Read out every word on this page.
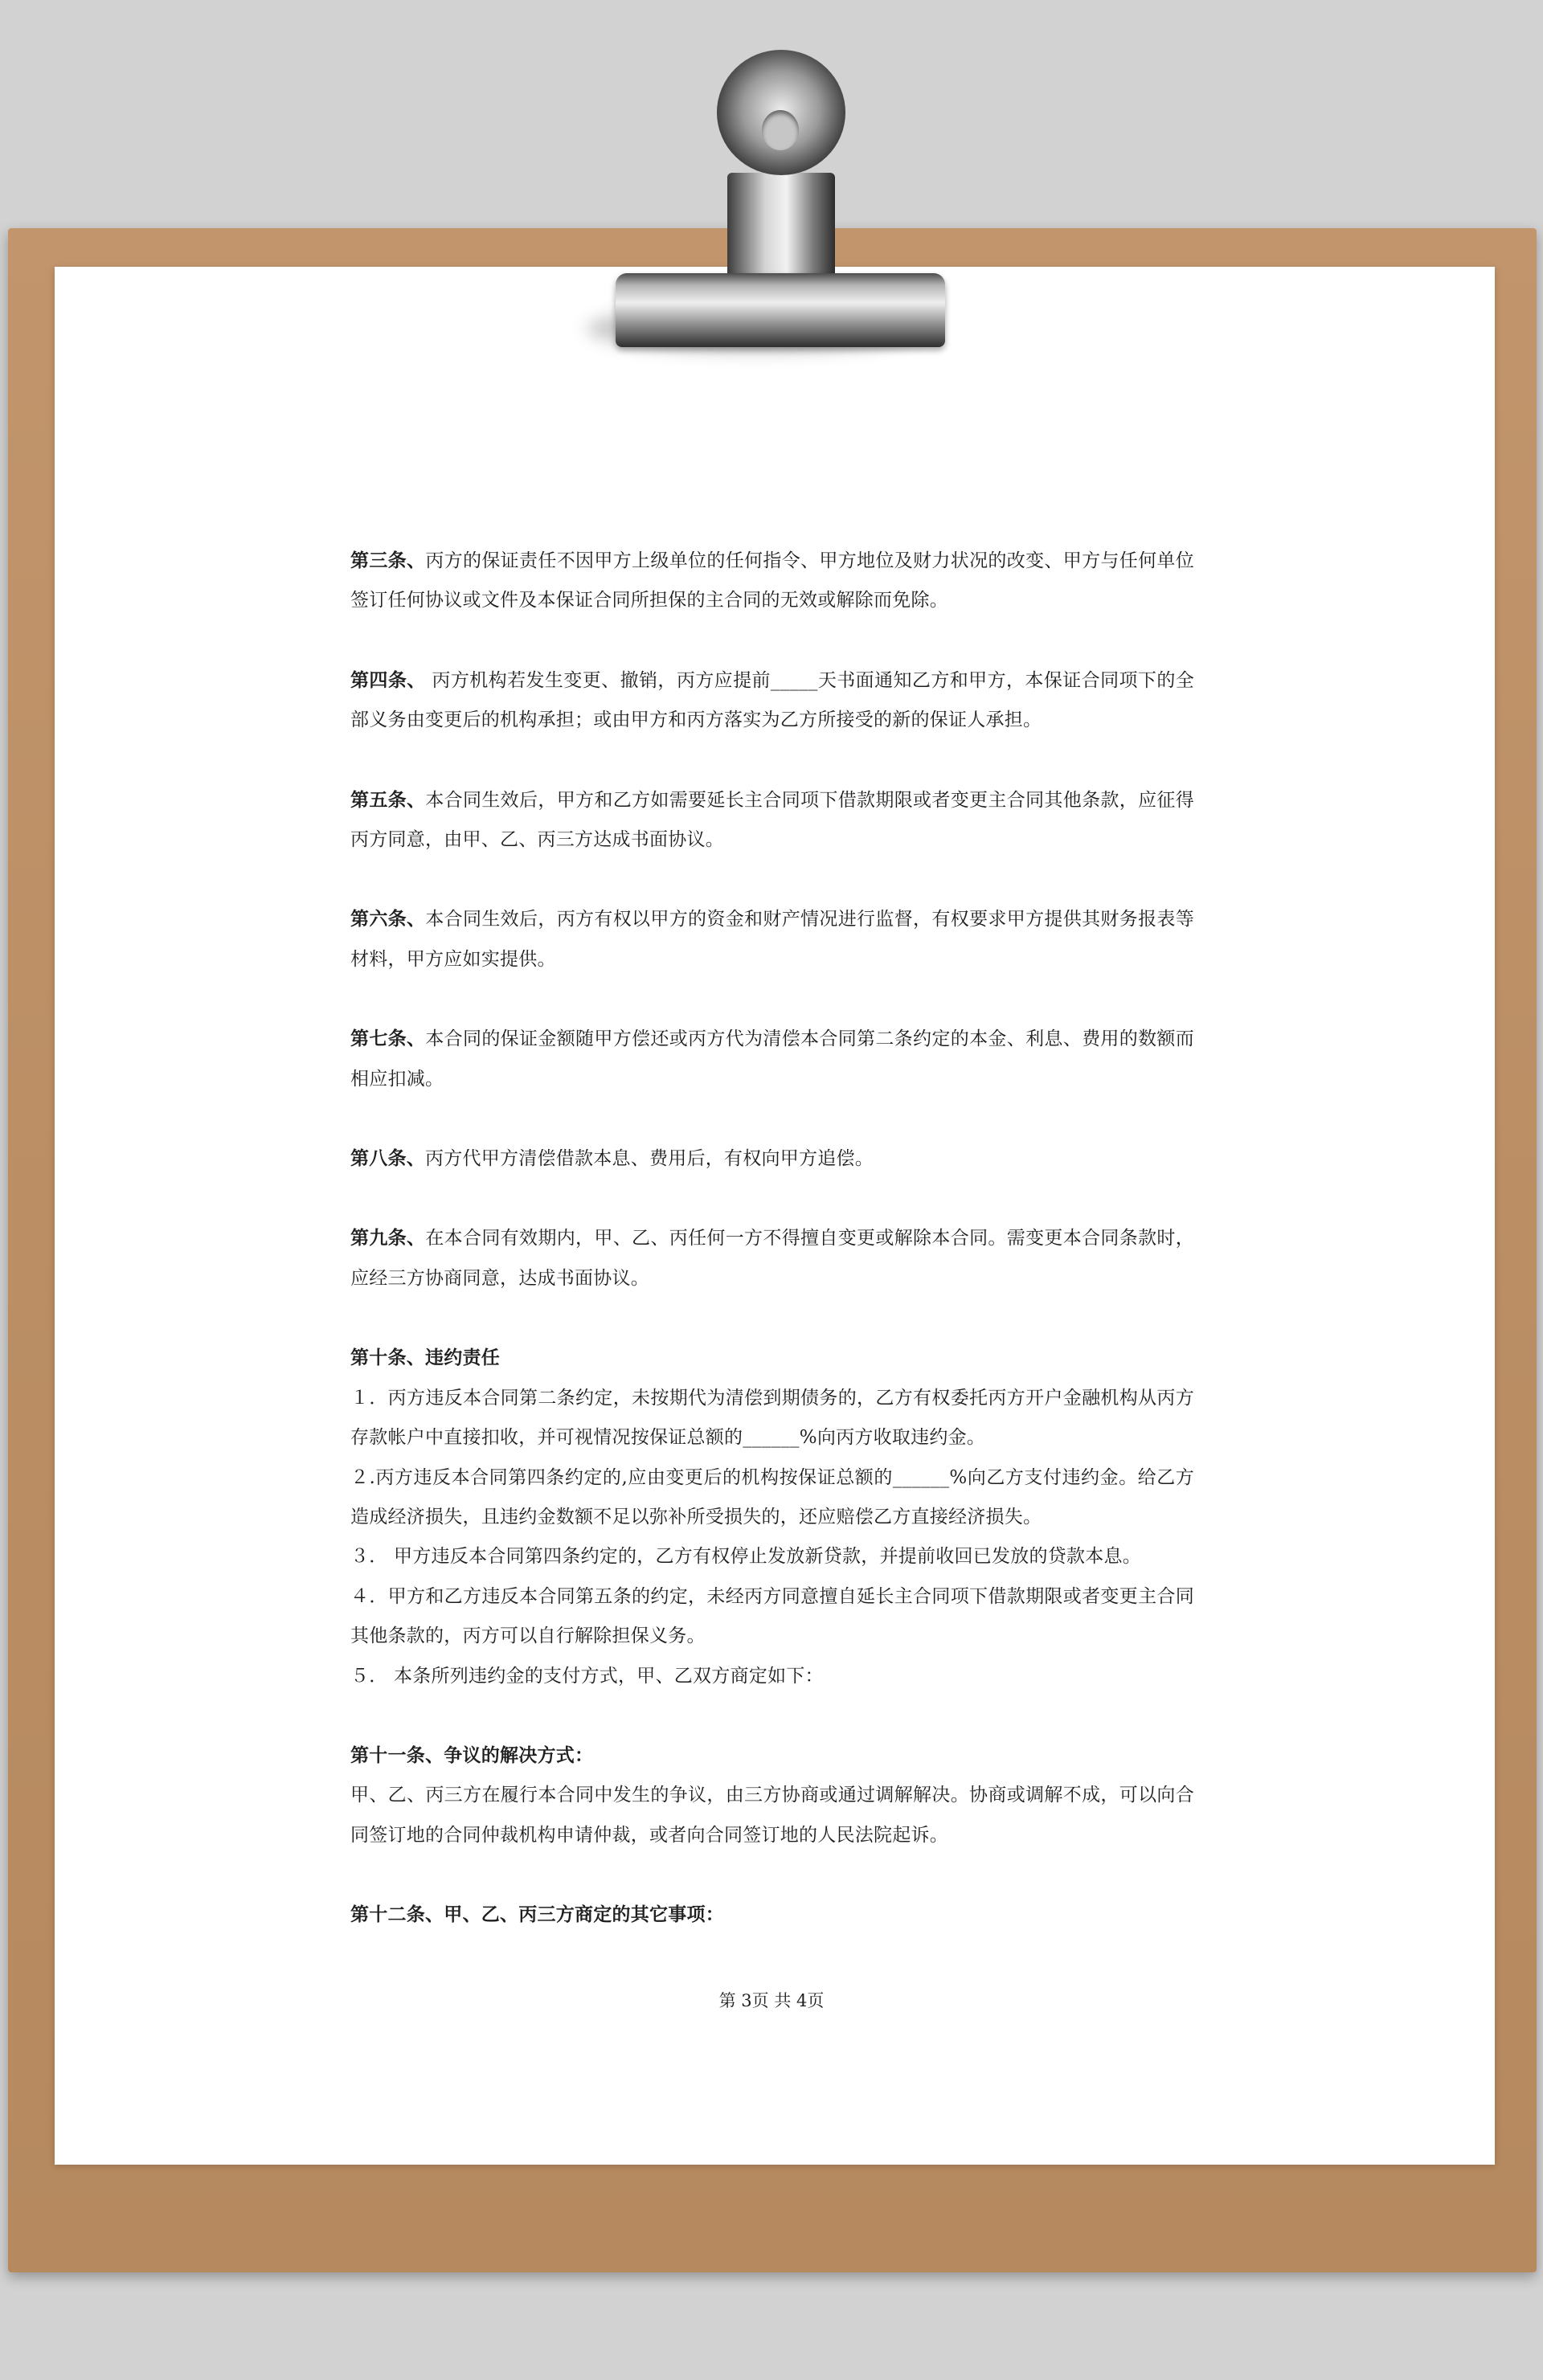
第三条、丙方的保证责任不因甲方上级单位的任何指令、甲方地位及财力状况的改变、甲方与任何单位签订任何协议或文件及本保证合同所担保的主合同的无效或解除而免除。

第四条、 丙方机构若发生变更、撤销，丙方应提前_____天书面通知乙方和甲方，本保证合同项下的全部义务由变更后的机构承担；或由甲方和丙方落实为乙方所接受的新的保证人承担。

第五条、本合同生效后，甲方和乙方如需要延长主合同项下借款期限或者变更主合同其他条款，应征得丙方同意，由甲、乙、丙三方达成书面协议。

第六条、本合同生效后，丙方有权以甲方的资金和财产情况进行监督，有权要求甲方提供其财务报表等材料，甲方应如实提供。

第七条、本合同的保证金额随甲方偿还或丙方代为清偿本合同第二条约定的本金、利息、费用的数额而相应扣减。

第八条、丙方代甲方清偿借款本息、费用后，有权向甲方追偿。

第九条、在本合同有效期内，甲、乙、丙任何一方不得擅自变更或解除本合同。需变更本合同条款时，应经三方协商同意，达成书面协议。

第十条、违约责任

１．丙方违反本合同第二条约定，未按期代为清偿到期债务的，乙方有权委托丙方开户金融机构从丙方存款帐户中直接扣收，并可视情况按保证总额的______%向丙方收取违约金。

２.丙方违反本合同第四条约定的,应由变更后的机构按保证总额的______%向乙方支付违约金。给乙方造成经济损失，且违约金数额不足以弥补所受损失的，还应赔偿乙方直接经济损失。

３． 甲方违反本合同第四条约定的，乙方有权停止发放新贷款，并提前收回已发放的贷款本息。

４．甲方和乙方违反本合同第五条的约定，未经丙方同意擅自延长主合同项下借款期限或者变更主合同其他条款的，丙方可以自行解除担保义务。

５． 本条所列违约金的支付方式，甲、乙双方商定如下：

第十一条、争议的解决方式：

甲、乙、丙三方在履行本合同中发生的争议，由三方协商或通过调解解决。协商或调解不成，可以向合同签订地的合同仲裁机构申请仲裁，或者向合同签订地的人民法院起诉。

第十二条、甲、乙、丙三方商定的其它事项：

第 3页 共 4页
